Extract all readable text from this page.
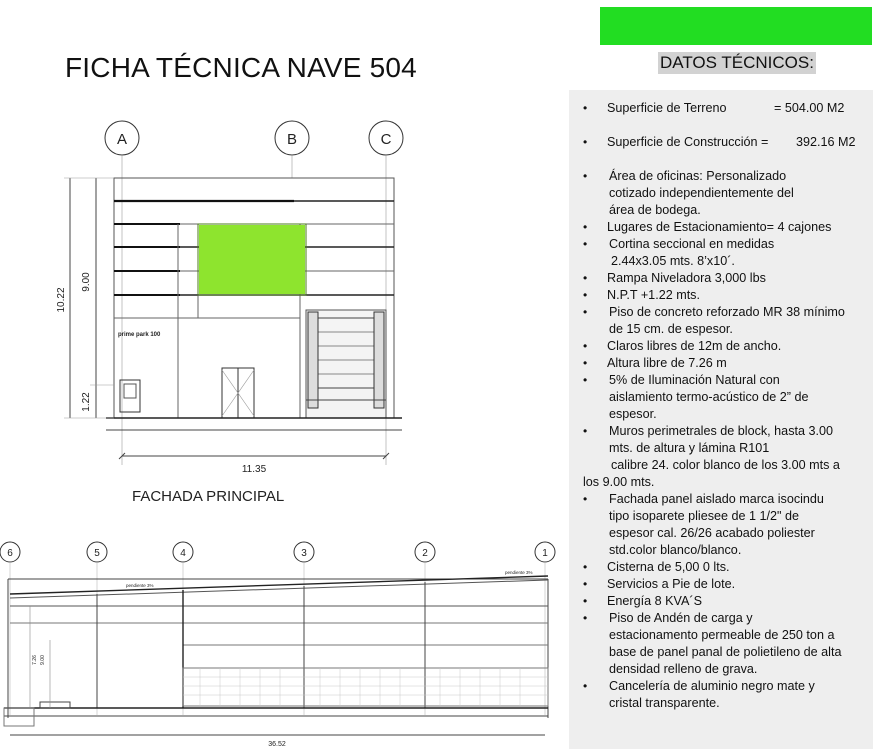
FICHA TÉCNICA NAVE 504	DATOS TÉCNICOS:
• Superficie de Terreno	= 504.00 M2
• Superficie de Construcción = 392.16 M2
• Área de oficinas: Personalizado
cotizado independientemente del
área de bodega.
• Lugares de Estacionamiento= 4 cajones
• Cortina seccional en medidas
2.44x3.05 mts. 8’x10´.
• Rampa Niveladora 3,000 lbs
• N.P.T +1.22 mts.
• Piso de concreto reforzado MR 38 mínimo
de 15 cm. de espesor.
• Claros libres de 12m de ancho.
• Altura libre de 7.26 m
• 5% de Iluminación Natural con
aislamiento termo-acústico de 2” de
espesor.
• Muros perimetrales de block, hasta 3.00
mts. de altura y lámina R101
calibre 24. color blanco de los 3.00 mts a
los 9.00 mts.
• Fachada panel aislado marca isocindu
tipo isoparete pliesee de 1 1/2" de
espesor cal. 26/26 acabado poliester
std.color blanco/blanco.
• Cisterna de 5,00 0 lts.
• Servicios a Pie de lote.
• Energía 8 KVA´S
• Piso de Andén de carga y
estacionamento permeable de 250 ton a
base de panel panal de polietileno de alta
densidad relleno de grava.
• Cancelería de aluminio negro mate y
cristal transparente.
A	B	C
10.22
9.00
1.22
11.35
prime park 100
FACHADA PRINCIPAL
6	5	4	3	2	1
pendiente 3%
pendiente 3%
7.26 9.00
36.52
